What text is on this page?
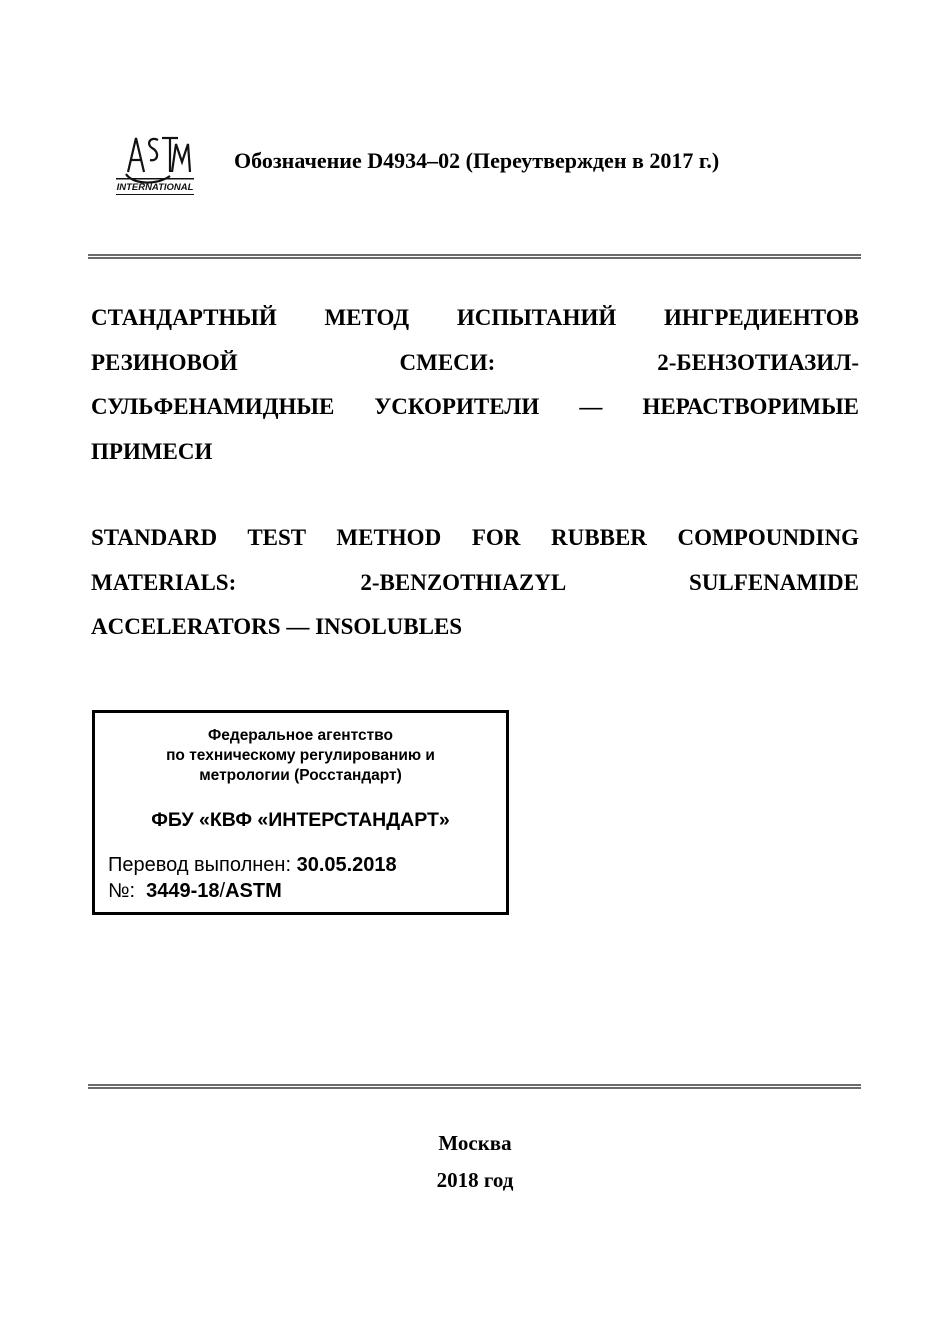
INTERNATIONAL
Обозначение D4934–02 (Переутвержден в 2017 г.)
СТАНДАРТНЫЙ МЕТОД ИСПЫТАНИЙ ИНГРЕДИЕНТОВ
РЕЗИНОВОЙ СМЕСИ: 2-БЕНЗОТИАЗИЛ-
СУЛЬФЕНАМИДНЫЕ УСКОРИТЕЛИ — НЕРАСТВОРИМЫЕ
ПРИМЕСИ
STANDARD TEST METHOD FOR RUBBER COMPOUNDING
MATERIALS: 2-BENZOTHIAZYL SULFENAMIDE
ACCELERATORS — INSOLUBLES
Федеральное агентство
по техническому регулированию и
метрологии (Росстандарт)
ФБУ «КВФ «ИНТЕРСТАНДАРТ»
Перевод выполнен: 30.05.2018
№:  3449-18/ASTM
Москва
2018 год
